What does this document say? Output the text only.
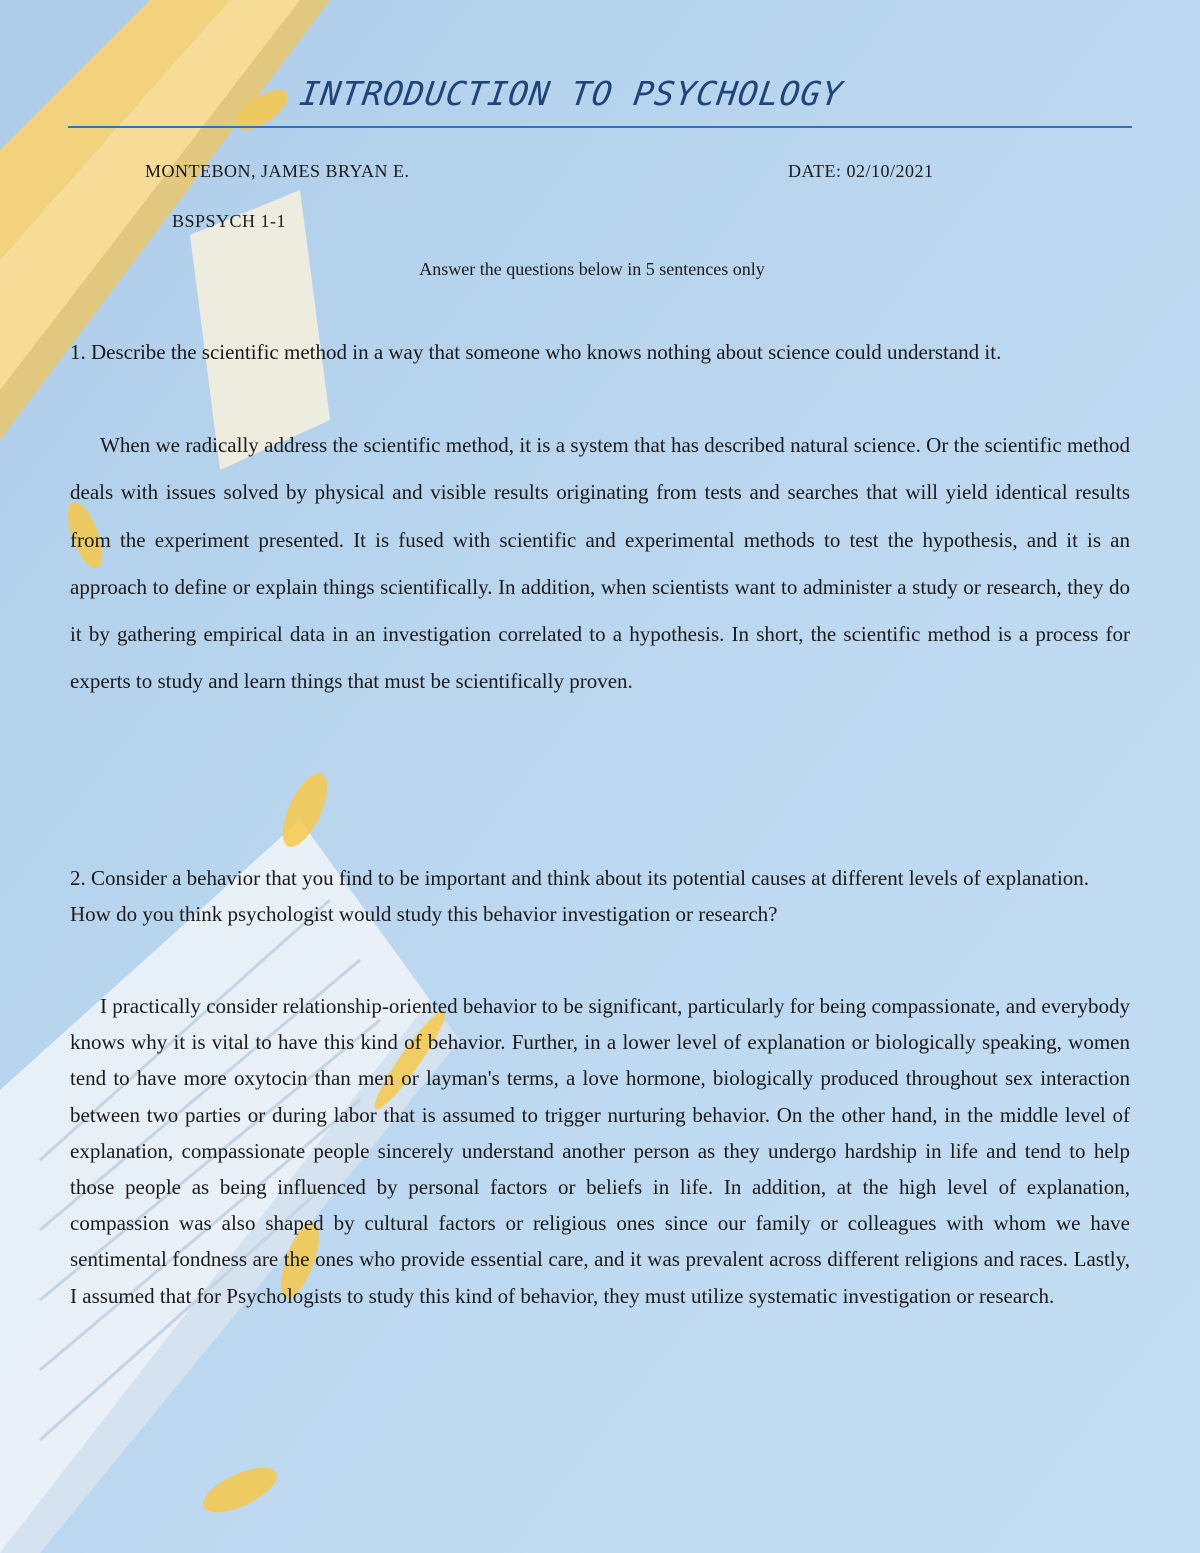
INTRODUCTION TO PSYCHOLOGY
MONTEBON, JAMES BRYAN E.	DATE: 02/10/2021
BSPSYCH 1-1
Answer the questions below in 5 sentences only

1. Describe the scientific method in a way that someone who knows nothing about science could understand it.

When we radically address the scientific method, it is a system that has described natural science. Or the scientific method deals with issues solved by physical and visible results originating from tests and searches that will yield identical results from the experiment presented. It is fused with scientific and experimental methods to test the hypothesis, and it is an approach to define or explain things scientifically. In addition, when scientists want to administer a study or research, they do it by gathering empirical data in an investigation correlated to a hypothesis. In short, the scientific method is a process for experts to study and learn things that must be scientifically proven.

2. Consider a behavior that you find to be important and think about its potential causes at different levels of explanation. How do you think psychologist would study this behavior investigation or research?

I practically consider relationship-oriented behavior to be significant, particularly for being compassionate, and everybody knows why it is vital to have this kind of behavior. Further, in a lower level of explanation or biologically speaking, women tend to have more oxytocin than men or layman's terms, a love hormone, biologically produced throughout sex interaction between two parties or during labor that is assumed to trigger nurturing behavior. On the other hand, in the middle level of explanation, compassionate people sincerely understand another person as they undergo hardship in life and tend to help those people as being influenced by personal factors or beliefs in life. In addition, at the high level of explanation, compassion was also shaped by cultural factors or religious ones since our family or colleagues with whom we have sentimental fondness are the ones who provide essential care, and it was prevalent across different religions and races. Lastly, I assumed that for Psychologists to study this kind of behavior, they must utilize systematic investigation or research.
